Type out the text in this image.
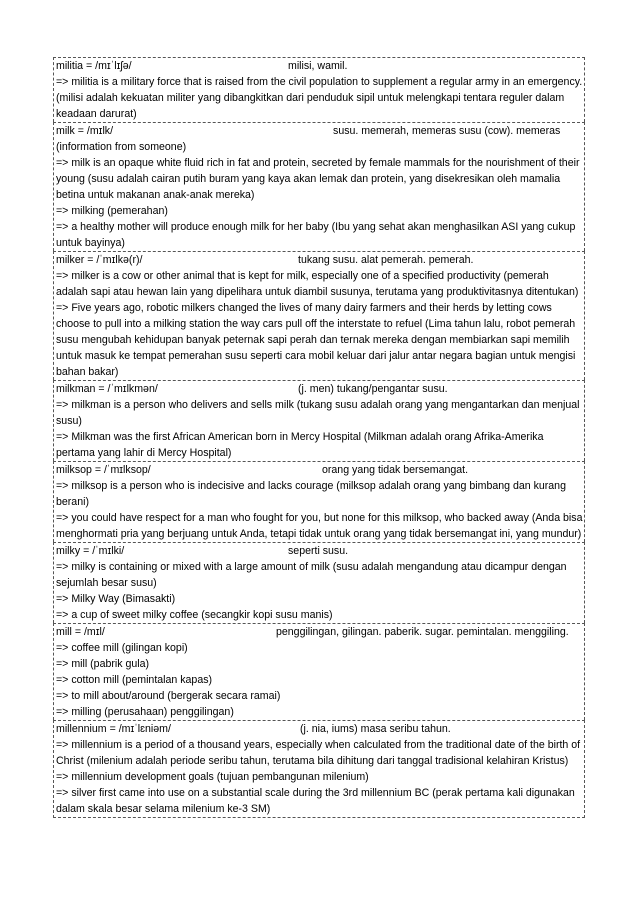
militia = /mɪˈlɪʃə/	milisi, wamil.

=> militia is a military force that is raised from the civil population to supplement a regular army in an emergency. (milisi adalah kekuatan militer yang dibangkitkan dari penduduk sipil untuk melengkapi tentara reguler dalam keadaan darurat)

milk = /mɪlk/	susu. memerah, memeras susu (cow). memeras (information from someone)

=> milk is an opaque white fluid rich in fat and protein, secreted by female mammals for the nourishment of their young (susu adalah cairan putih buram yang kaya akan lemak dan protein, yang disekresikan oleh mamalia betina untuk makanan anak-anak mereka)

=> milking (pemerahan)

=> a healthy mother will produce enough milk for her baby (Ibu yang sehat akan menghasilkan ASI yang cukup untuk bayinya)

milker = /ˈmɪlkə(r)/	tukang susu. alat pemerah. pemerah.

=> milker is a cow or other animal that is kept for milk, especially one of a specified productivity (pemerah adalah sapi atau hewan lain yang dipelihara untuk diambil susunya, terutama yang produktivitasnya ditentukan)

=> Five years ago, robotic milkers changed the lives of many dairy farmers and their herds by letting cows choose to pull into a milking station the way cars pull off the interstate to refuel (Lima tahun lalu, robot pemerah susu mengubah kehidupan banyak peternak sapi perah dan ternak mereka dengan membiarkan sapi memilih untuk masuk ke tempat pemerahan susu seperti cara mobil keluar dari jalur antar negara bagian untuk mengisi bahan bakar)

milkman = /ˈmɪlkmən/	(j. men) tukang/pengantar susu.

=> milkman is a person who delivers and sells milk (tukang susu adalah orang yang mengantarkan dan menjual susu)

=> Milkman was the first African American born in Mercy Hospital (Milkman adalah orang Afrika-Amerika pertama yang lahir di Mercy Hospital)

milksop = /ˈmɪlksop/	orang yang tidak bersemangat.

=> milksop is a person who is indecisive and lacks courage (milksop adalah orang yang bimbang dan kurang berani)

=> you could have respect for a man who fought for you, but none for this milksop, who backed away (Anda bisa menghormati pria yang berjuang untuk Anda, tetapi tidak untuk orang yang tidak bersemangat ini, yang mundur)

milky = /ˈmɪlki/	seperti susu.

=> milky is containing or mixed with a large amount of milk (susu adalah mengandung atau dicampur dengan sejumlah besar susu)

=> Milky Way (Bimasakti)

=> a cup of sweet milky coffee (secangkir kopi susu manis)

mill = /mɪl/	penggilingan, gilingan. paberik. sugar. pemintalan. menggiling.

=> coffee mill (gilingan kopi)

=> mill (pabrik gula)

=> cotton mill (pemintalan kapas)

=> to mill about/around (bergerak secara ramai)

=> milling (perusahaan) penggilingan)

millennium = /mɪˈlɛniəm/	(j. nia, iums) masa seribu tahun.

=> millennium is a period of a thousand years, especially when calculated from the traditional date of the birth of Christ (milenium adalah periode seribu tahun, terutama bila dihitung dari tanggal tradisional kelahiran Kristus)

=> millennium development goals (tujuan pembangunan milenium)

=> silver first came into use on a substantial scale during the 3rd millennium BC (perak pertama kali digunakan dalam skala besar selama milenium ke-3 SM)
